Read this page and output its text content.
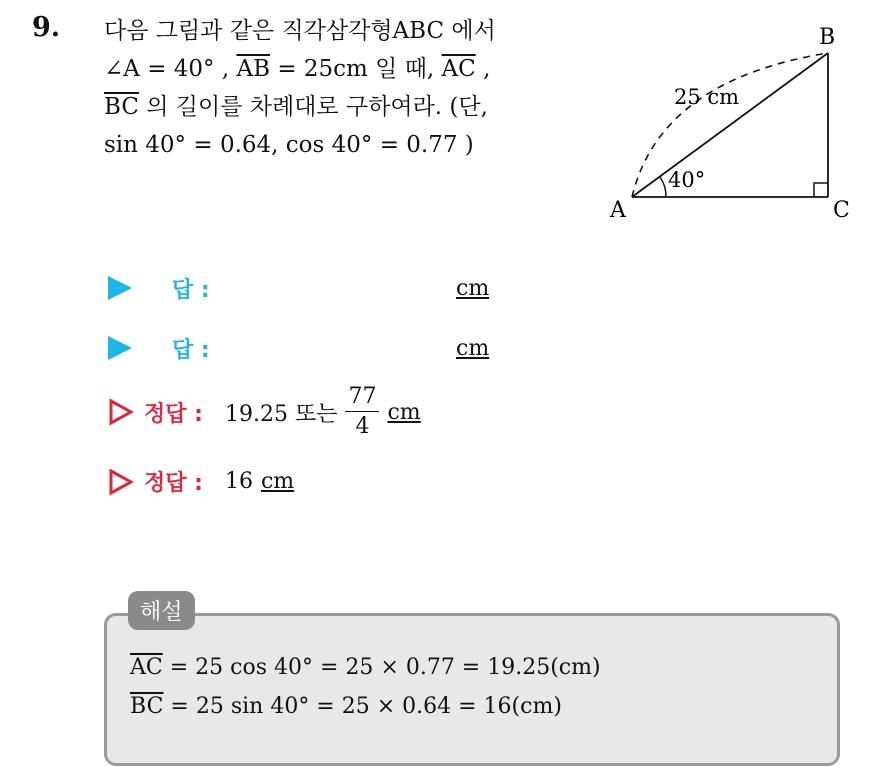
9. 다음 그림과 같은 직각삼각형ABC 에서
∠A = 40° , $\overline{AB} = 25cm$ 일 때, $\overline{AC}$ ,
$\overline{BC}$ 의 길이를 차례대로 구하여라. (단,
sin 40° = 0.64, cos 40° = 0.77 )
A
B
C
25 cm
40°
답 :	cm
답 :	cm
정답 : 19.25 또는 $\frac{77}{4}$ cm
정답 : 16 cm
해설
$\overline{AC} = 25$ cos 40° = 25 × 0.77 = 19.25(cm)
$\overline{BC} = 25$ sin 40° = 25 × 0.64 = 16(cm)
